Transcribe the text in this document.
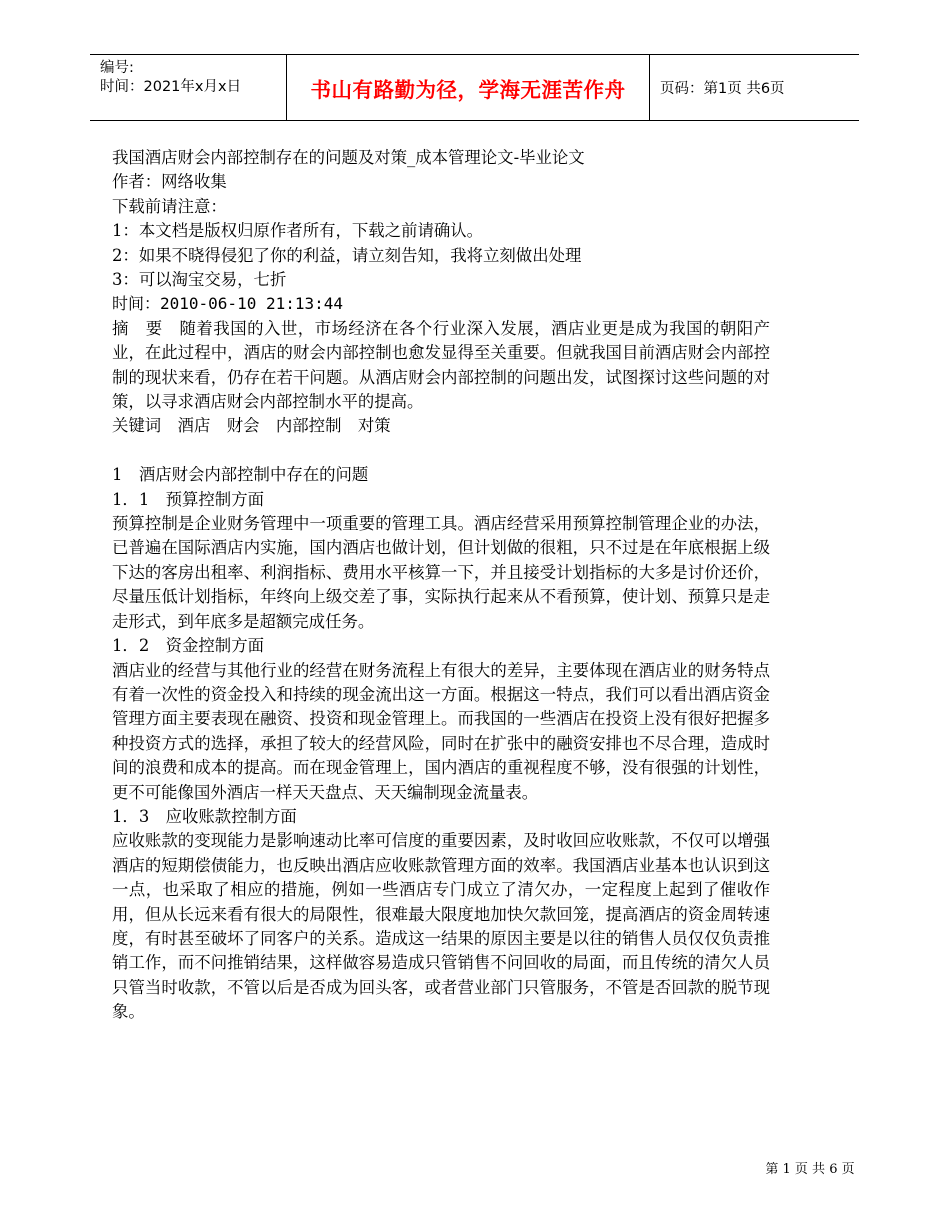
编号:
时间：2021年x月x日	书山有路勤为径，学海无涯苦作舟	页码：第1页 共6页

我国酒店财会内部控制存在的问题及对策_成本管理论文-毕业论文

作者：网络收集

下载前请注意：

1：本文档是版权归原作者所有，下载之前请确认。

2：如果不晓得侵犯了你的利益，请立刻告知，我将立刻做出处理

3：可以淘宝交易，七折

时间：2010-06-10 21:13:44

摘　要　随着我国的入世，市场经济在各个行业深入发展，酒店业更是成为我国的朝阳产业，在此过程中，酒店的财会内部控制也愈发显得至关重要。但就我国目前酒店财会内部控制的现状来看，仍存在若干问题。从酒店财会内部控制的问题出发，试图探讨这些问题的对策，以寻求酒店财会内部控制水平的提高。

关键词　酒店　财会　内部控制　对策

1　酒店财会内部控制中存在的问题

1．1　预算控制方面

预算控制是企业财务管理中一项重要的管理工具。酒店经营采用预算控制管理企业的办法，已普遍在国际酒店内实施，国内酒店也做计划，但计划做的很粗，只不过是在年底根据上级下达的客房出租率、利润指标、费用水平核算一下，并且接受计划指标的大多是讨价还价，尽量压低计划指标，年终向上级交差了事，实际执行起来从不看预算，使计划、预算只是走走形式，到年底多是超额完成任务。

1．2　资金控制方面

酒店业的经营与其他行业的经营在财务流程上有很大的差异，主要体现在酒店业的财务特点有着一次性的资金投入和持续的现金流出这一方面。根据这一特点，我们可以看出酒店资金管理方面主要表现在融资、投资和现金管理上。而我国的一些酒店在投资上没有很好把握多种投资方式的选择，承担了较大的经营风险，同时在扩张中的融资安排也不尽合理，造成时间的浪费和成本的提高。而在现金管理上，国内酒店的重视程度不够，没有很强的计划性，更不可能像国外酒店一样天天盘点、天天编制现金流量表。

1．3　应收账款控制方面

应收账款的变现能力是影响速动比率可信度的重要因素，及时收回应收账款，不仅可以增强酒店的短期偿债能力，也反映出酒店应收账款管理方面的效率。我国酒店业基本也认识到这一点，也采取了相应的措施，例如一些酒店专门成立了清欠办，一定程度上起到了催收作用，但从长远来看有很大的局限性，很难最大限度地加快欠款回笼，提高酒店的资金周转速度，有时甚至破坏了同客户的关系。造成这一结果的原因主要是以往的销售人员仅仅负责推销工作，而不问推销结果，这样做容易造成只管销售不问回收的局面，而且传统的清欠人员只管当时收款，不管以后是否成为回头客，或者营业部门只管服务，不管是否回款的脱节现象。

第 1 页 共 6 页
